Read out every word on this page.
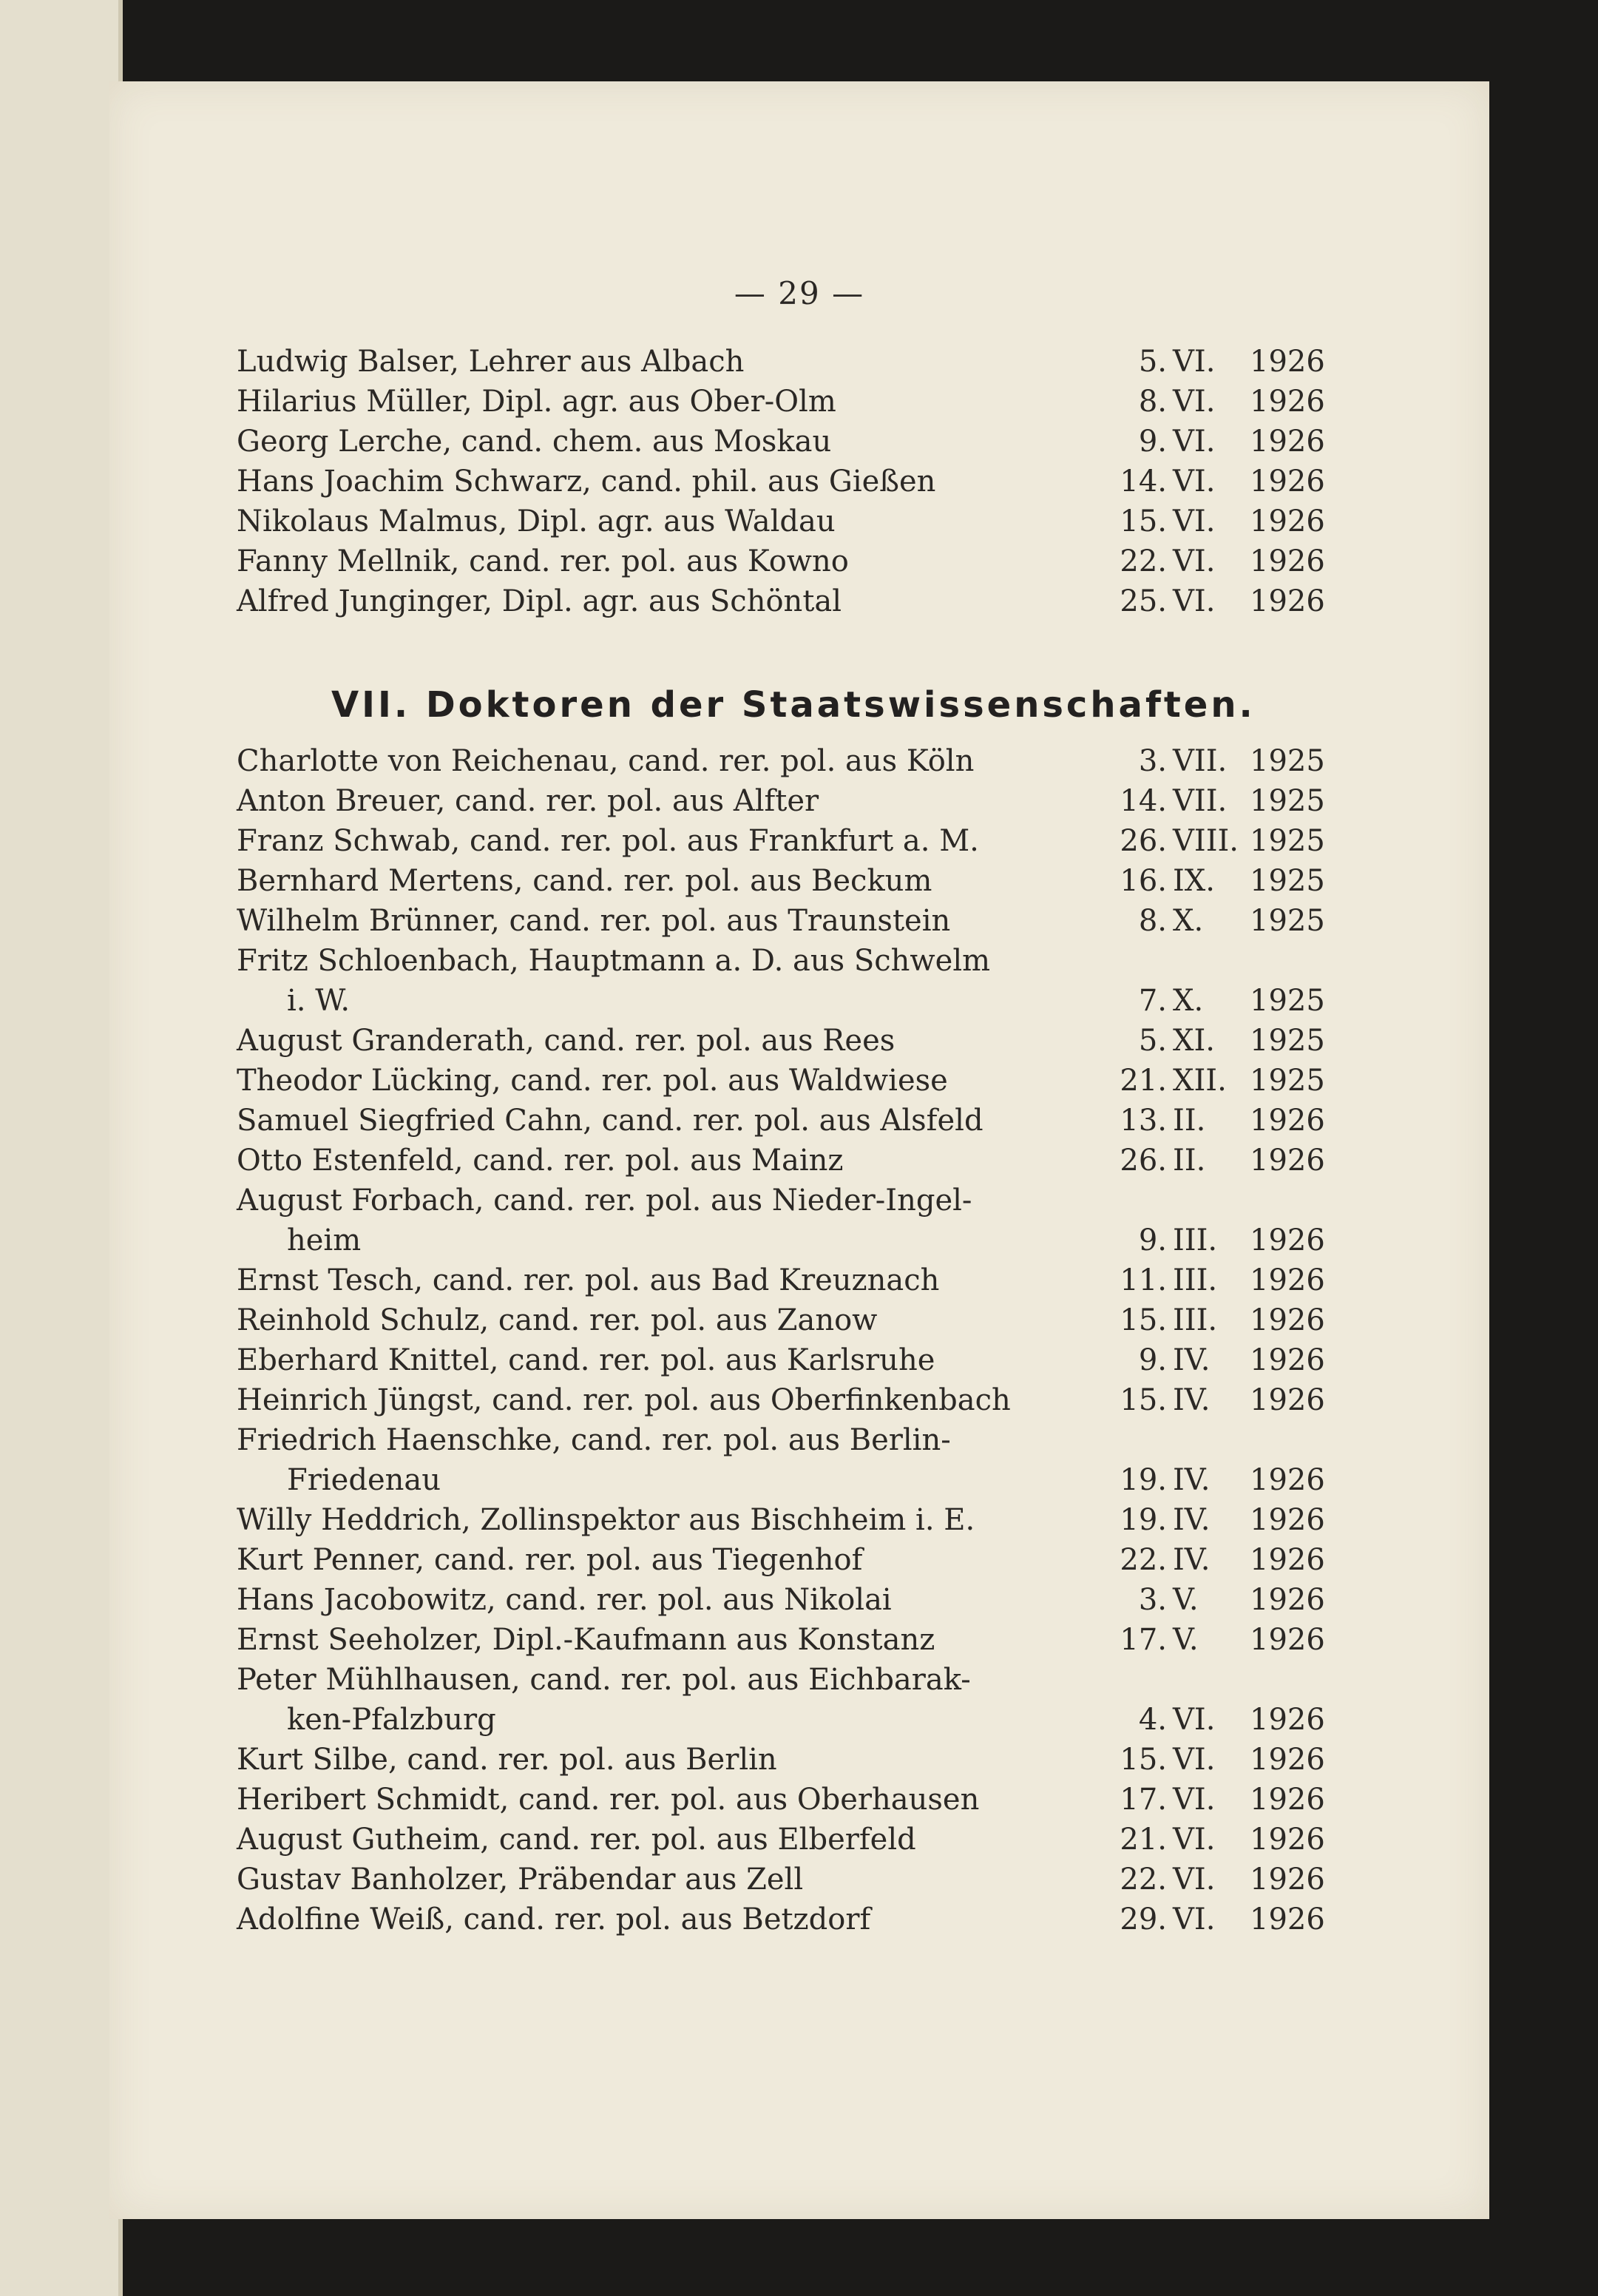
— 29 —
Ludwig Balser, Lehrer aus Albach	5. VI.	1926
Hilarius Müller, Dipl. agr. aus Ober-Olm	8. VI.	1926
Georg Lerche, cand. chem. aus Moskau	9. VI.	1926
Hans Joachim Schwarz, cand. phil. aus Gießen	14. VI.	1926
Nikolaus Malmus, Dipl. agr. aus Waldau	15. VI.	1926
Fanny Mellnik, cand. rer. pol. aus Kowno	22. VI.	1926
Alfred Junginger, Dipl. agr. aus Schöntal	25. VI.	1926
VII. Doktoren der Staatswissenschaften.
Charlotte von Reichenau, cand. rer. pol. aus Köln	3. VII. 1925
Anton Breuer, cand. rer. pol. aus Alfter	14. VII. 1925
Franz Schwab, cand. rer. pol. aus Frankfurt a. M.	26. VIII. 1925
Bernhard Mertens, cand. rer. pol. aus Beckum	16. IX.	1925
Wilhelm Brünner, cand. rer. pol. aus Traunstein	8. X.	1925
Fritz Schloenbach, Hauptmann a. D. aus Schwelm
i. W.	7. X.	1925
August Granderath, cand. rer. pol. aus Rees	5. XI.	1925
Theodor Lücking, cand. rer. pol. aus Waldwiese	21. XII. 1925
Samuel Siegfried Cahn, cand. rer. pol. aus Alsfeld	13. II.	1926
Otto Estenfeld, cand. rer. pol. aus Mainz	26. II.	1926
August Forbach, cand. rer. pol. aus Nieder-Ingel-
heim	9. III.	1926
Ernst Tesch, cand. rer. pol. aus Bad Kreuznach	11. III.	1926
Reinhold Schulz, cand. rer. pol. aus Zanow	15. III.	1926
Eberhard Knittel, cand. rer. pol. aus Karlsruhe	9. IV.	1926
Heinrich Jüngst, cand. rer. pol. aus Oberfinkenbach	15. IV.	1926
Friedrich Haenschke, cand. rer. pol. aus Berlin-
Friedenau	19. IV.	1926
Willy Heddrich, Zollinspektor aus Bischheim i. E.	19. IV.	1926
Kurt Penner, cand. rer. pol. aus Tiegenhof	22. IV.	1926
Hans Jacobowitz, cand. rer. pol. aus Nikolai	3. V.	1926
Ernst Seeholzer, Dipl.-Kaufmann aus Konstanz	17. V.	1926
Peter Mühlhausen, cand. rer. pol. aus Eichbarak-
ken-Pfalzburg	4. VI.	1926
Kurt Silbe, cand. rer. pol. aus Berlin	15. VI.	1926
Heribert Schmidt, cand. rer. pol. aus Oberhausen	17. VI.	1926
August Gutheim, cand. rer. pol. aus Elberfeld	21. VI.	1926
Gustav Banholzer, Präbendar aus Zell	22. VI.	1926
Adolfine Weiß, cand. rer. pol. aus Betzdorf	29. VI.	1926
